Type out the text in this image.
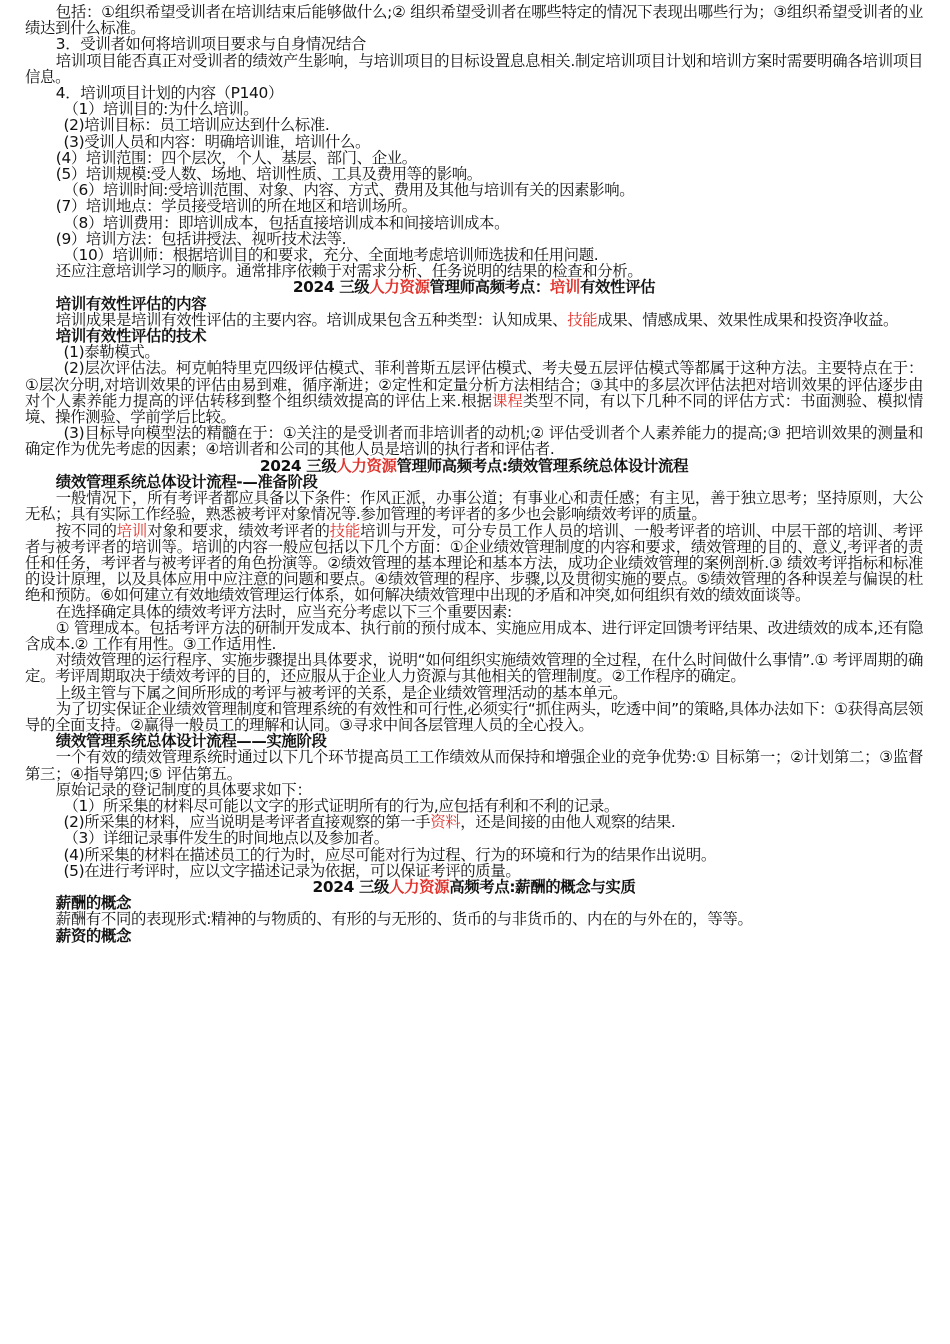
包括：①组织希望受训者在培训结束后能够做什么;② 组织希望受训者在哪些特定的情况下表现出哪些行为；③组织希望受训者的业绩达到什么标准。

3．受训者如何将培训项目要求与自身情况结合

培训项目能否真正对受训者的绩效产生影响，与培训项目的目标设置息息相关.制定培训项目计划和培训方案时需要明确各培训项目信息。

4．培训项目计划的内容（P140）

（1）培训目的:为什么培训。

(2)培训目标：员工培训应达到什么标准.

(3)受训人员和内容：明确培训谁，培训什么。

(4）培训范围：四个层次，个人、基层、部门、企业。

(5）培训规模:受人数、场地、培训性质、工具及费用等的影响。

（6）培训时间:受培训范围、对象、内容、方式、费用及其他与培训有关的因素影响。

(7）培训地点：学员接受培训的所在地区和培训场所。

（8）培训费用：即培训成本，包括直接培训成本和间接培训成本。

(9）培训方法：包括讲授法、视听技术法等.

（10）培训师：根据培训目的和要求，充分、全面地考虑培训师选拔和任用问题.

还应注意培训学习的顺序。通常排序依赖于对需求分析、任务说明的结果的检查和分析。

2024 三级人力资源管理师高频考点：培训有效性评估

培训有效性评估的内容

培训成果是培训有效性评估的主要内容。培训成果包含五种类型：认知成果、技能成果、情感成果、效果性成果和投资净收益。

培训有效性评估的技术

(1)泰勒模式。

(2)层次评估法。柯克帕特里克四级评估模式、菲利普斯五层评估模式、考夫曼五层评估模式等都属于这种方法。主要特点在于：①层次分明,对培训效果的评估由易到难，循序渐进；②定性和定量分析方法相结合；③其中的多层次评估法把对培训效果的评估逐步由对个人素养能力提高的评估转移到整个组织绩效提高的评估上来.根据课程类型不同，有以下几种不同的评估方式：书面测验、模拟情境、操作测验、学前学后比较。

(3)目标导向模型法的精髓在于：①关注的是受训者而非培训者的动机;② 评估受训者个人素养能力的提高;③ 把培训效果的测量和确定作为优先考虑的因素；④培训者和公司的其他人员是培训的执行者和评估者.

2024 三级人力资源管理师高频考点:绩效管理系统总体设计流程

绩效管理系统总体设计流程-—准备阶段

一般情况下，所有考评者都应具备以下条件：作风正派，办事公道；有事业心和责任感；有主见，善于独立思考；坚持原则，大公无私；具有实际工作经验，熟悉被考评对象情况等.参加管理的考评者的多少也会影响绩效考评的质量。

按不同的培训对象和要求，绩效考评者的技能培训与开发，可分专员工作人员的培训、一般考评者的培训、中层干部的培训、考评者与被考评者的培训等。培训的内容一般应包括以下几个方面：①企业绩效管理制度的内容和要求，绩效管理的目的、意义,考评者的责任和任务，考评者与被考评者的角色扮演等。②绩效管理的基本理论和基本方法，成功企业绩效管理的案例剖析.③ 绩效考评指标和标准的设计原理，以及具体应用中应注意的问题和要点。④绩效管理的程序、步骤,以及贯彻实施的要点。⑤绩效管理的各种误差与偏误的杜绝和预防。⑥如何建立有效地绩效管理运行体系，如何解决绩效管理中出现的矛盾和冲突,如何组织有效的绩效面谈等。

在选择确定具体的绩效考评方法时，应当充分考虑以下三个重要因素:

① 管理成本。包括考评方法的研制开发成本、执行前的预付成本、实施应用成本、进行评定回馈考评结果、改进绩效的成本,还有隐含成本.② 工作有用性。③工作适用性.

对绩效管理的运行程序、实施步骤提出具体要求，说明“如何组织实施绩效管理的全过程，在什么时间做什么事情”.① 考评周期的确定。考评周期取决于绩效考评的目的，还应服从于企业人力资源与其他相关的管理制度。②工作程序的确定。

上级主管与下属之间所形成的考评与被考评的关系，是企业绩效管理活动的基本单元。

为了切实保证企业绩效管理制度和管理系统的有效性和可行性,必须实行“抓住两头，吃透中间”的策略,具体办法如下：①获得高层领导的全面支持。②赢得一般员工的理解和认同。③寻求中间各层管理人员的全心投入。

绩效管理系统总体设计流程——实施阶段

一个有效的绩效管理系统时通过以下几个环节提高员工工作绩效从而保持和增强企业的竞争优势:① 目标第一；②计划第二；③监督第三；④指导第四;⑤ 评估第五。

原始记录的登记制度的具体要求如下：

（1）所采集的材料尽可能以文字的形式证明所有的行为,应包括有利和不利的记录。

(2)所采集的材料，应当说明是考评者直接观察的第一手资料，还是间接的由他人观察的结果.

（3）详细记录事件发生的时间地点以及参加者。

(4)所采集的材料在描述员工的行为时，应尽可能对行为过程、行为的环境和行为的结果作出说明。

(5)在进行考评时，应以文字描述记录为依据，可以保证考评的质量。

2024 三级人力资源高频考点:薪酬的概念与实质

薪酬的概念

薪酬有不同的表现形式:精神的与物质的、有形的与无形的、货币的与非货币的、内在的与外在的，等等。

薪资的概念
